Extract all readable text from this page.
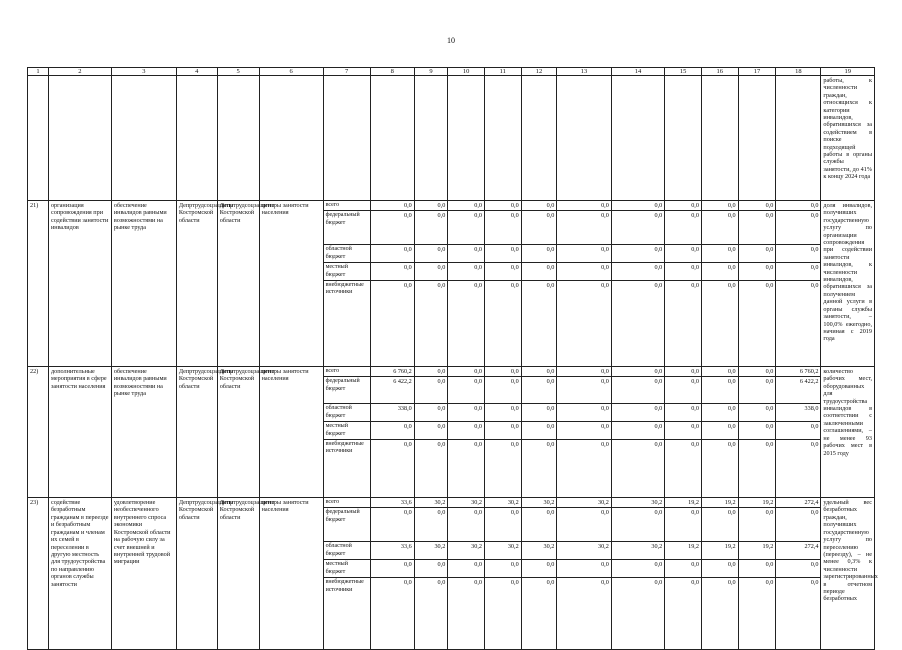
10
1	2	3	4	5	6	7	8	9	10	11	12	13	14	15	16	17	18	19
																		работы, к численности граждан, относящихся к категории инвалидов, обратившихся за содействием в поиске подходящей работы в органы службы занятости, до 41% к концу 2024 года
21)	организация сопровождения при содействии занятости инвалидов	обеспечение инвалидов равными возможностями на рынке труда	Депртрудсоцзащиты Костромской области	Депртрудсоцзащиты Костромской области	центры занятости населения	всего	0,0	0,0	0,0	0,0	0,0	0,0	0,0	0,0	0,0	0,0	0,0	доля инвалидов, получивших государственную услугу по организации сопровождения при содействии занятости инвалидов, к численности инвалидов, обратившихся за получением данной услуги в органы службы занятости, – 100,0% ежегодно, начиная с 2019 года
						федеральный бюджет	0,0	0,0	0,0	0,0	0,0	0,0	0,0	0,0	0,0	0,0	0,0	
						областной бюджет	0,0	0,0	0,0	0,0	0,0	0,0	0,0	0,0	0,0	0,0	0,0	
						местный бюджет	0,0	0,0	0,0	0,0	0,0	0,0	0,0	0,0	0,0	0,0	0,0	
						внебюджетные источники	0,0	0,0	0,0	0,0	0,0	0,0	0,0	0,0	0,0	0,0	0,0	
22)	дополнительные мероприятия в сфере занятости населения	обеспечение инвалидов равными возможностями на рынке труда	Депртрудсоцзащиты Костромской области	Депртрудсоцзащиты Костромской области	центры занятости населения	всего	6 760,2	0,0	0,0	0,0	0,0	0,0	0,0	0,0	0,0	0,0	6 760,2	количество рабочих мест, оборудованных для трудоустройства инвалидов в соответствии с заключенными соглашениями, – не менее 93 рабочих мест в 2015 году
						федеральный бюджет	6 422,2	0,0	0,0	0,0	0,0	0,0	0,0	0,0	0,0	0,0	6 422,2	
						областной бюджет	338,0	0,0	0,0	0,0	0,0	0,0	0,0	0,0	0,0	0,0	338,0	
						местный бюджет	0,0	0,0	0,0	0,0	0,0	0,0	0,0	0,0	0,0	0,0	0,0	
						внебюджетные источники	0,0	0,0	0,0	0,0	0,0	0,0	0,0	0,0	0,0	0,0	0,0	
23)	содействие безработным гражданам в переезде и безработным гражданам и членам их семей в переселении в другую местность для трудоустройства по направлению органов службы занятости	удовлетворение необеспеченного внутреннего спроса экономики Костромской области на рабочую силу за счет внешней и внутренней трудовой миграции	Депртрудсоцзащиты Костромской области	Депртрудсоцзащиты Костромской области	центры занятости населения	всего	33,6	30,2	30,2	30,2	30,2	30,2	30,2	19,2	19,2	19,2	272,4	удельный вес безработных граждан, получивших государственную услугу по переселению (переезду), – не менее 0,3% к численности зарегистрированных в отчетном периоде безработных
						федеральный бюджет	0,0	0,0	0,0	0,0	0,0	0,0	0,0	0,0	0,0	0,0	0,0	
						областной бюджет	33,6	30,2	30,2	30,2	30,2	30,2	30,2	19,2	19,2	19,2	272,4	
						местный бюджет	0,0	0,0	0,0	0,0	0,0	0,0	0,0	0,0	0,0	0,0	0,0	
						внебюджетные источники	0,0	0,0	0,0	0,0	0,0	0,0	0,0	0,0	0,0	0,0	0,0	
